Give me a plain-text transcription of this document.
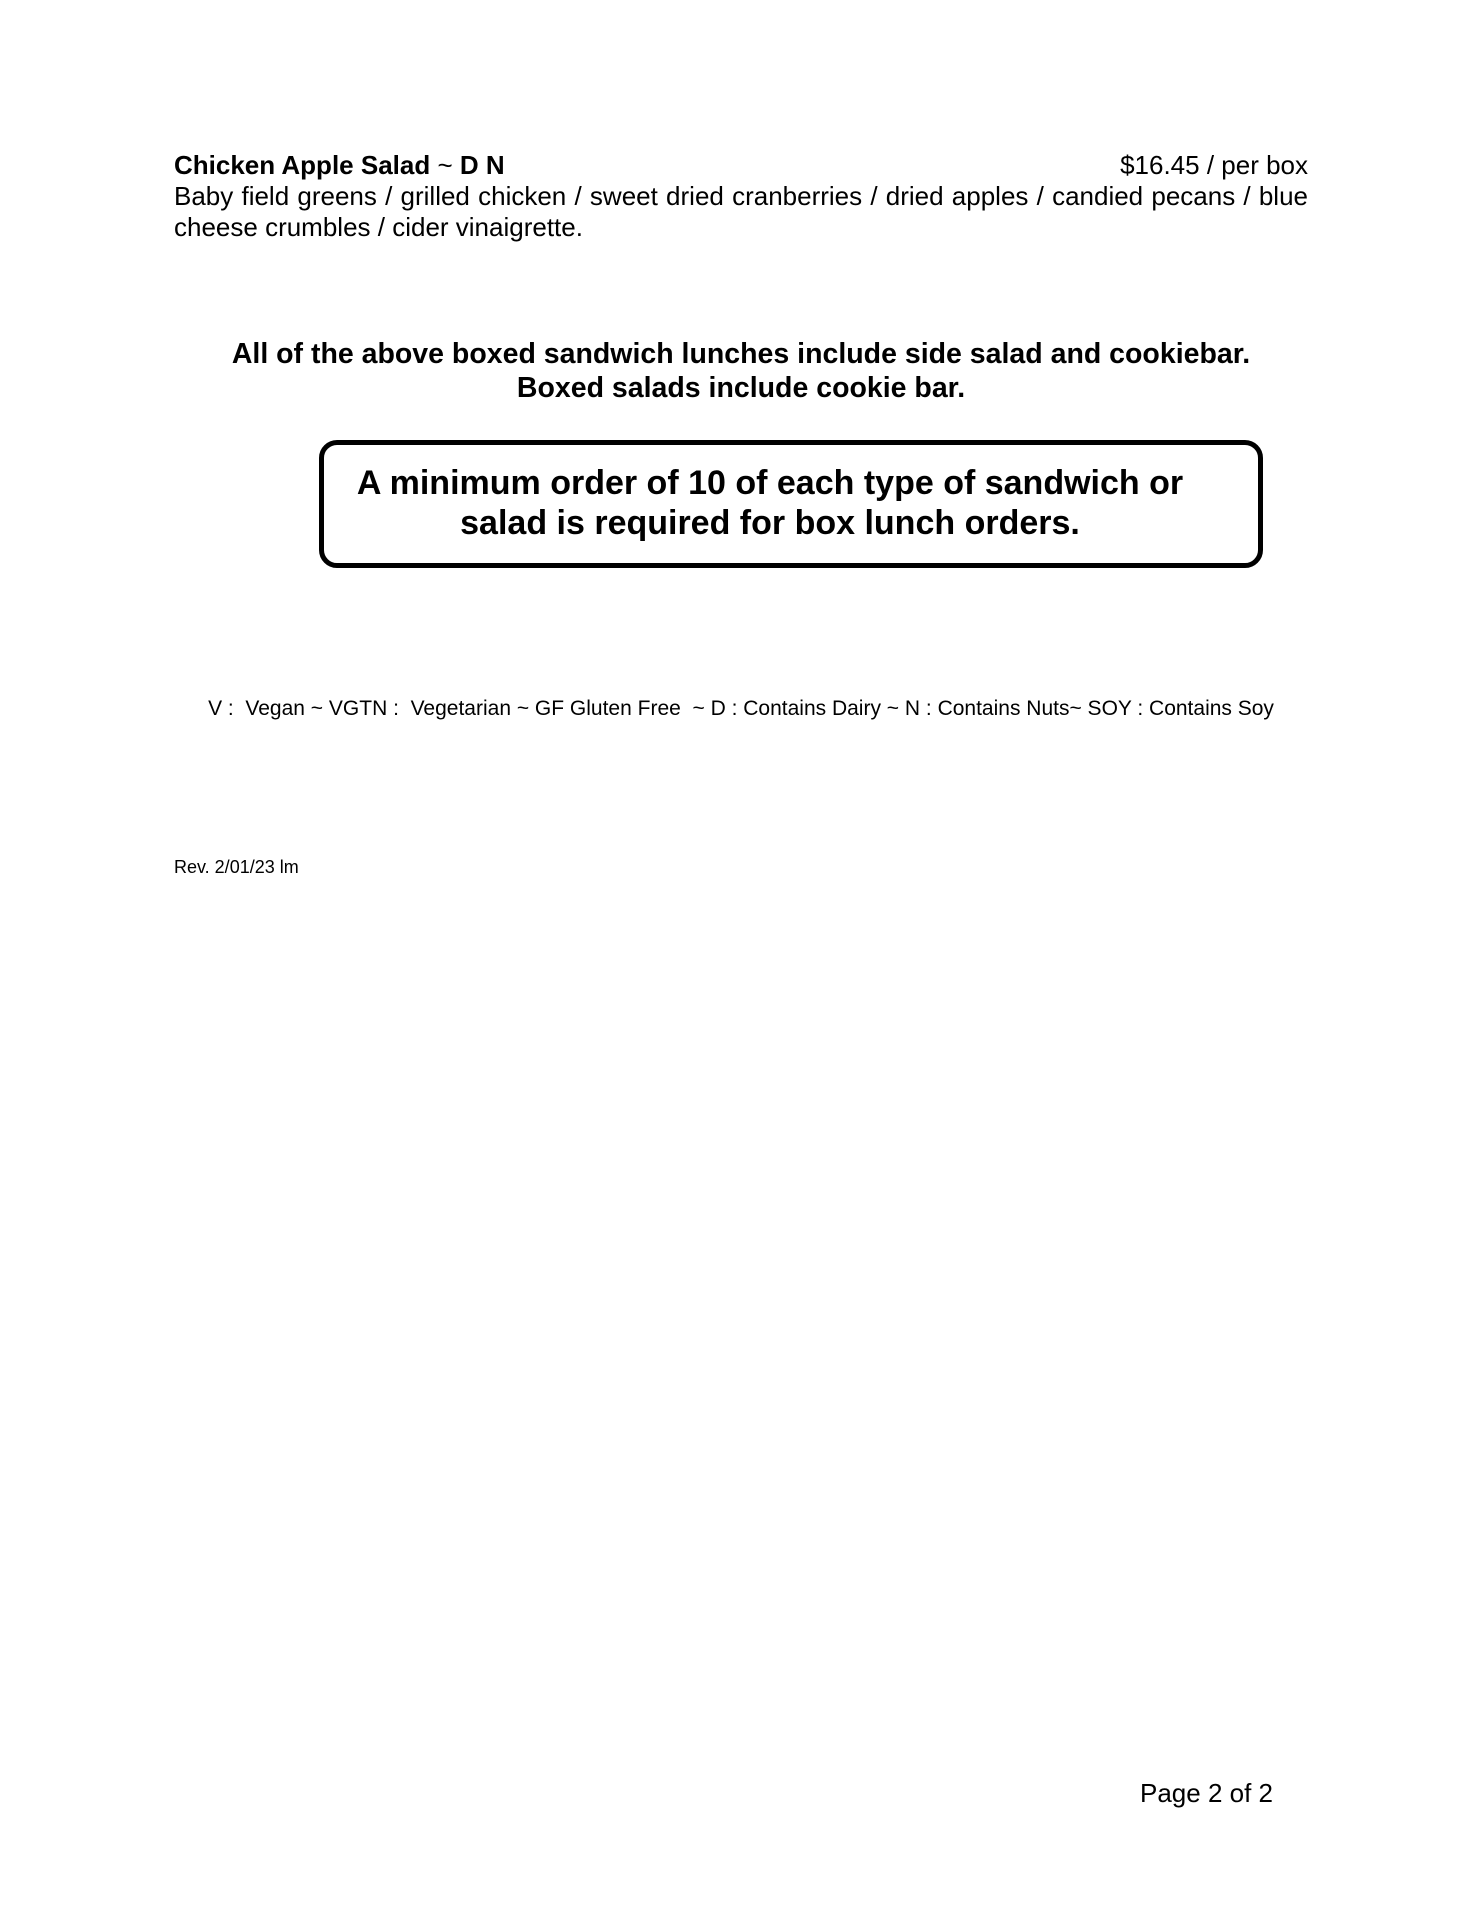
Chicken Apple Salad ~ D N	$16.45 / per box
Baby field greens / grilled chicken / sweet dried cranberries / dried apples / candied pecans / blue cheese crumbles / cider vinaigrette.
All of the above boxed sandwich lunches include side salad and cookiebar.
Boxed salads include cookie bar.
A minimum order of 10 of each type of sandwich or
salad is required for box lunch orders.
V :  Vegan ~ VGTN :  Vegetarian ~ GF Gluten Free  ~ D : Contains Dairy ~ N : Contains Nuts~ SOY : Contains Soy
Rev. 2/01/23 lm
Page 2 of 2
